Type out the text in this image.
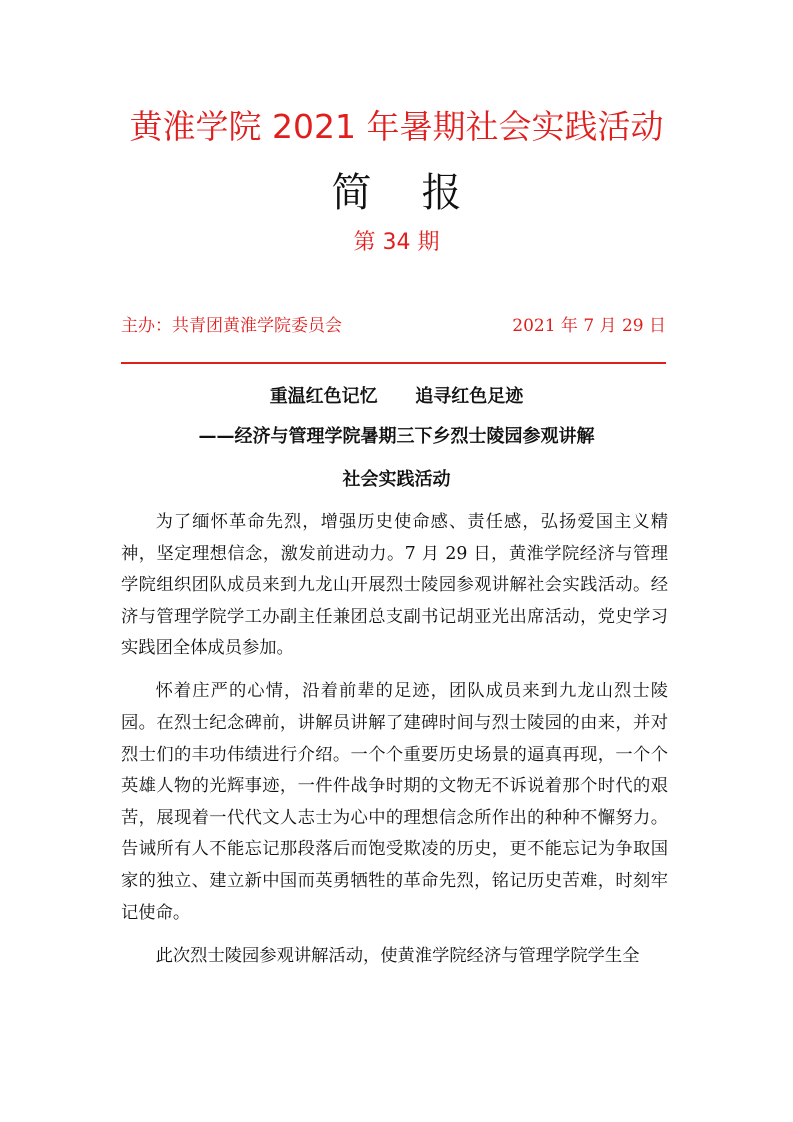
黄淮学院 2021 年暑期社会实践活动
简报
第 34 期
主办：共青团黄淮学院委员会	2021 年 7 月 29 日
重温红色记忆      追寻红色足迹
——经济与管理学院暑期三下乡烈士陵园参观讲解
社会实践活动

为了缅怀革命先烈，增强历史使命感、责任感，弘扬爱国主义精神，坚定理想信念，激发前进动力。7 月 29 日，黄淮学院经济与管理学院组织团队成员来到九龙山开展烈士陵园参观讲解社会实践活动。经济与管理学院学工办副主任兼团总支副书记胡亚光出席活动，党史学习实践团全体成员参加。

怀着庄严的心情，沿着前辈的足迹，团队成员来到九龙山烈士陵园。在烈士纪念碑前，讲解员讲解了建碑时间与烈士陵园的由来，并对烈士们的丰功伟绩进行介绍。一个个重要历史场景的逼真再现，一个个英雄人物的光辉事迹，一件件战争时期的文物无不诉说着那个时代的艰苦，展现着一代代文人志士为心中的理想信念所作出的种种不懈努力。告诫所有人不能忘记那段落后而饱受欺凌的历史，更不能忘记为争取国家的独立、建立新中国而英勇牺牲的革命先烈，铭记历史苦难，时刻牢记使命。

此次烈士陵园参观讲解活动，使黄淮学院经济与管理学院学生全
